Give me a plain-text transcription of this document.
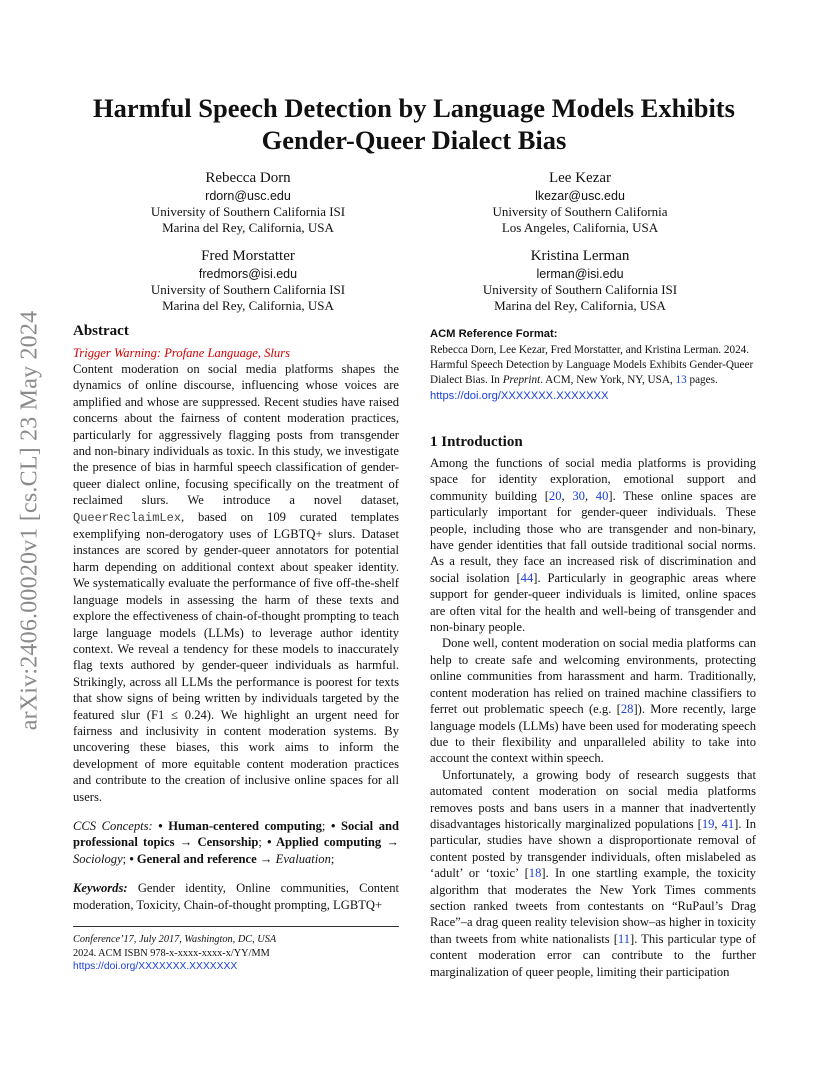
arXiv:2406.00020v1 [cs.CL] 23 May 2024
Harmful Speech Detection by Language Models Exhibits Gender-Queer Dialect Bias
Rebecca Dorn
rdorn@usc.edu
University of Southern California ISI
Marina del Rey, California, USA
Lee Kezar
lkezar@usc.edu
University of Southern California
Los Angeles, California, USA
Fred Morstatter
fredmors@isi.edu
University of Southern California ISI
Marina del Rey, California, USA
Kristina Lerman
lerman@isi.edu
University of Southern California ISI
Marina del Rey, California, USA
Abstract
Trigger Warning: Profane Language, Slurs

Content moderation on social media platforms shapes the dynamics of online discourse, influencing whose voices are amplified and whose are suppressed. Recent studies have raised concerns about the fairness of content moderation practices, particularly for aggressively flagging posts from transgender and non-binary individuals as toxic. In this study, we investigate the presence of bias in harmful speech classification of gender-queer dialect online, focusing specifically on the treatment of reclaimed slurs. We introduce a novel dataset, QueerReclaimLex, based on 109 curated templates exemplifying non-derogatory uses of LGBTQ+ slurs. Dataset instances are scored by gender-queer annotators for potential harm depending on additional context about speaker identity. We systematically evaluate the performance of five off-the-shelf language models in assessing the harm of these texts and explore the effectiveness of chain-of-thought prompting to teach large language models (LLMs) to leverage author identity context. We reveal a tendency for these models to inaccurately flag texts authored by gender-queer individuals as harmful. Strikingly, across all LLMs the performance is poorest for texts that show signs of being written by individuals targeted by the featured slur (F1 ≤ 0.24). We highlight an urgent need for fairness and inclusivity in content moderation systems. By uncovering these biases, this work aims to inform the development of more equitable content moderation practices and contribute to the creation of inclusive online spaces for all users.

CCS Concepts: • Human-centered computing; • Social and professional topics → Censorship; • Applied computing → Sociology; • General and reference → Evaluation;

Keywords: Gender identity, Online communities, Content moderation, Toxicity, Chain-of-thought prompting, LGBTQ+

Conference’17, July 2017, Washington, DC, USA
2024. ACM ISBN 978-x-xxxx-xxxx-x/YY/MM
https://doi.org/XXXXXXX.XXXXXXX
ACM Reference Format:

Rebecca Dorn, Lee Kezar, Fred Morstatter, and Kristina Lerman. 2024. Harmful Speech Detection by Language Models Exhibits Gender-Queer Dialect Bias. In Preprint. ACM, New York, NY, USA, 13 pages. https://doi.org/XXXXXXX.XXXXXXX

1 Introduction

Among the functions of social media platforms is providing space for identity exploration, emotional support and community building [20, 30, 40]. These online spaces are particularly important for gender-queer individuals. These people, including those who are transgender and non-binary, have gender identities that fall outside traditional social norms. As a result, they face an increased risk of discrimination and social isolation [44]. Particularly in geographic areas where support for gender-queer individuals is limited, online spaces are often vital for the health and well-being of transgender and non-binary people.

Done well, content moderation on social media platforms can help to create safe and welcoming environments, protecting online communities from harassment and harm. Traditionally, content moderation has relied on trained machine classifiers to ferret out problematic speech (e.g. [28]). More recently, large language models (LLMs) have been used for moderating speech due to their flexibility and unparalleled ability to take into account the context within speech.

Unfortunately, a growing body of research suggests that automated content moderation on social media platforms removes posts and bans users in a manner that inadvertently disadvantages historically marginalized populations [19, 41]. In particular, studies have shown a disproportionate removal of content posted by transgender individuals, often mislabeled as ‘adult’ or ‘toxic’ [18]. In one startling example, the toxicity algorithm that moderates the New York Times comments section ranked tweets from contestants on “RuPaul’s Drag Race”–a drag queen reality television show–as higher in toxicity than tweets from white nationalists [11]. This particular type of content moderation error can contribute to the further marginalization of queer people, limiting their participation
